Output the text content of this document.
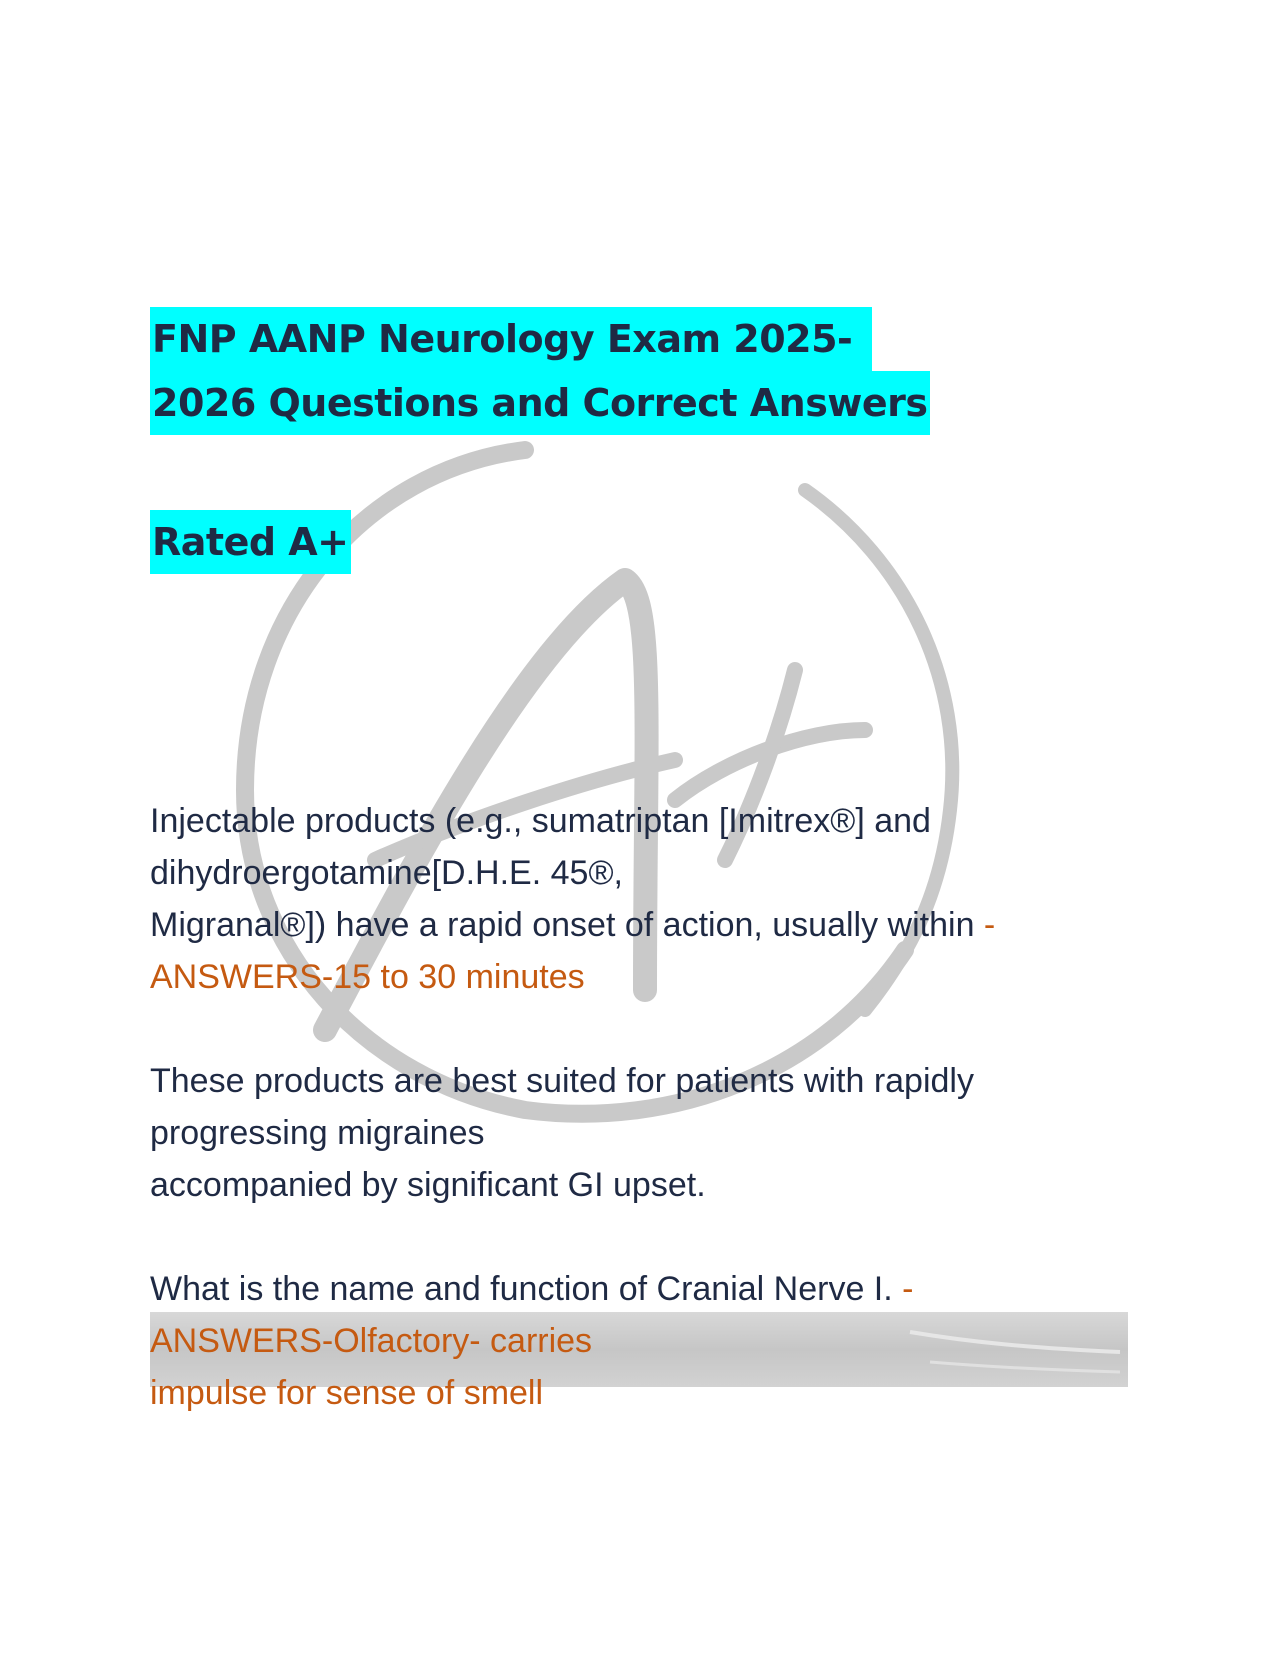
FNP AANP Neurology Exam 2025-
2026 Questions and Correct Answers
Rated A+
Injectable products (e.g., sumatriptan [Imitrex®] and
dihydroergotamine[D.H.E. 45®,
Migranal®]) have a rapid onset of action, usually within -
ANSWERS-15 to 30 minutes
These products are best suited for patients with rapidly
progressing migraines
accompanied by significant GI upset.
What is the name and function of Cranial Nerve I. -
ANSWERS-Olfactory- carries
impulse for sense of smell
